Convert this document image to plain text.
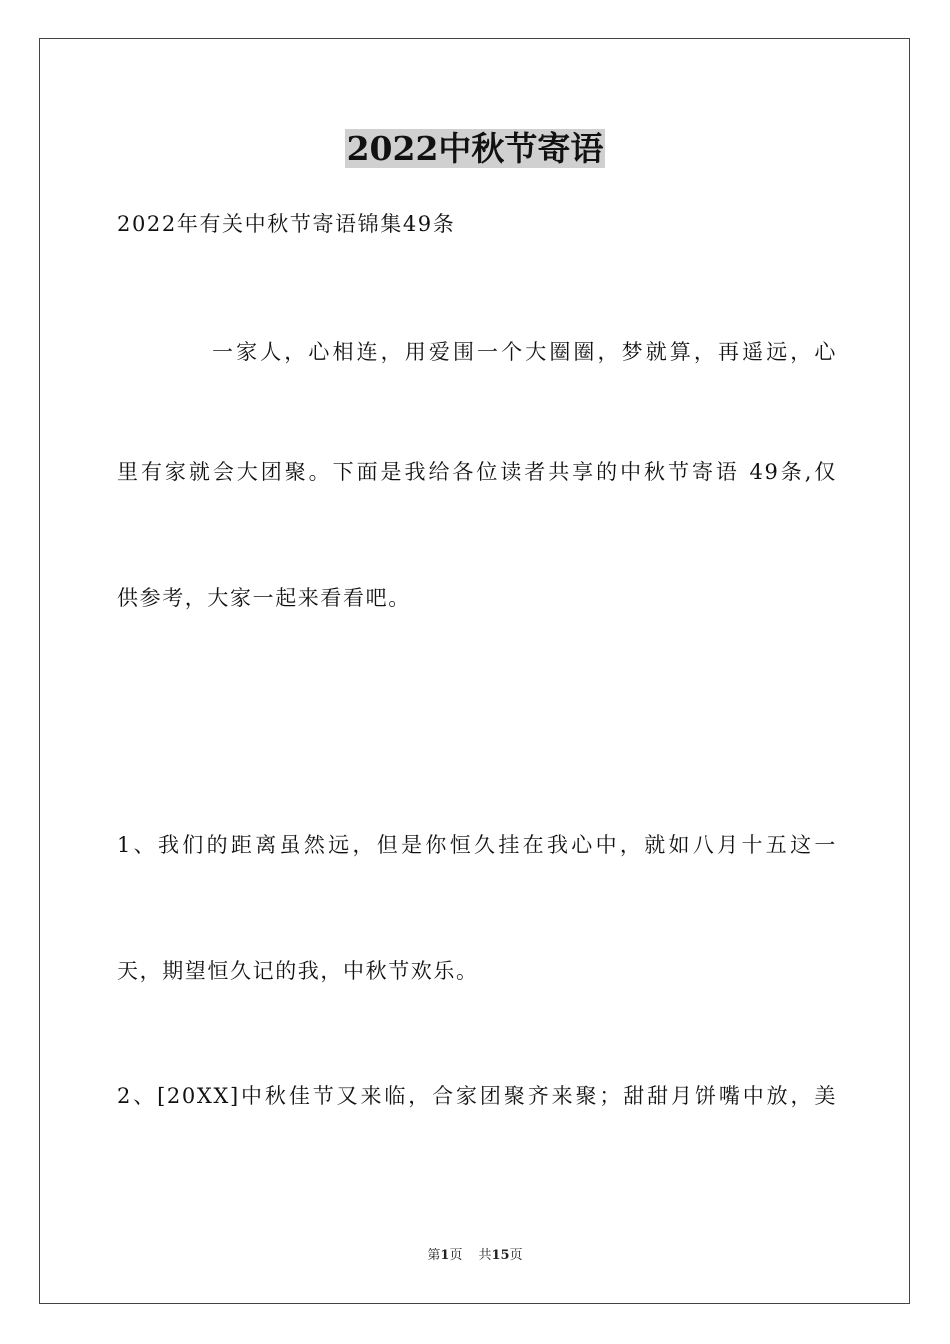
2022中秋节寄语
2022年有关中秋节寄语锦集49条
一家人，心相连，用爱围一个大圈圈，梦就算，再遥远，心
里有家就会大团聚。下面是我给各位读者共享的中秋节寄语 49条,仅
供参考，大家一起来看看吧。
1、我们的距离虽然远，但是你恒久挂在我心中，就如八月十五这一
天，期望恒久记的我，中秋节欢乐。
2、[20XX]中秋佳节又来临，合家团聚齐来聚；甜甜月饼嘴中放，美
第1页 共15页
